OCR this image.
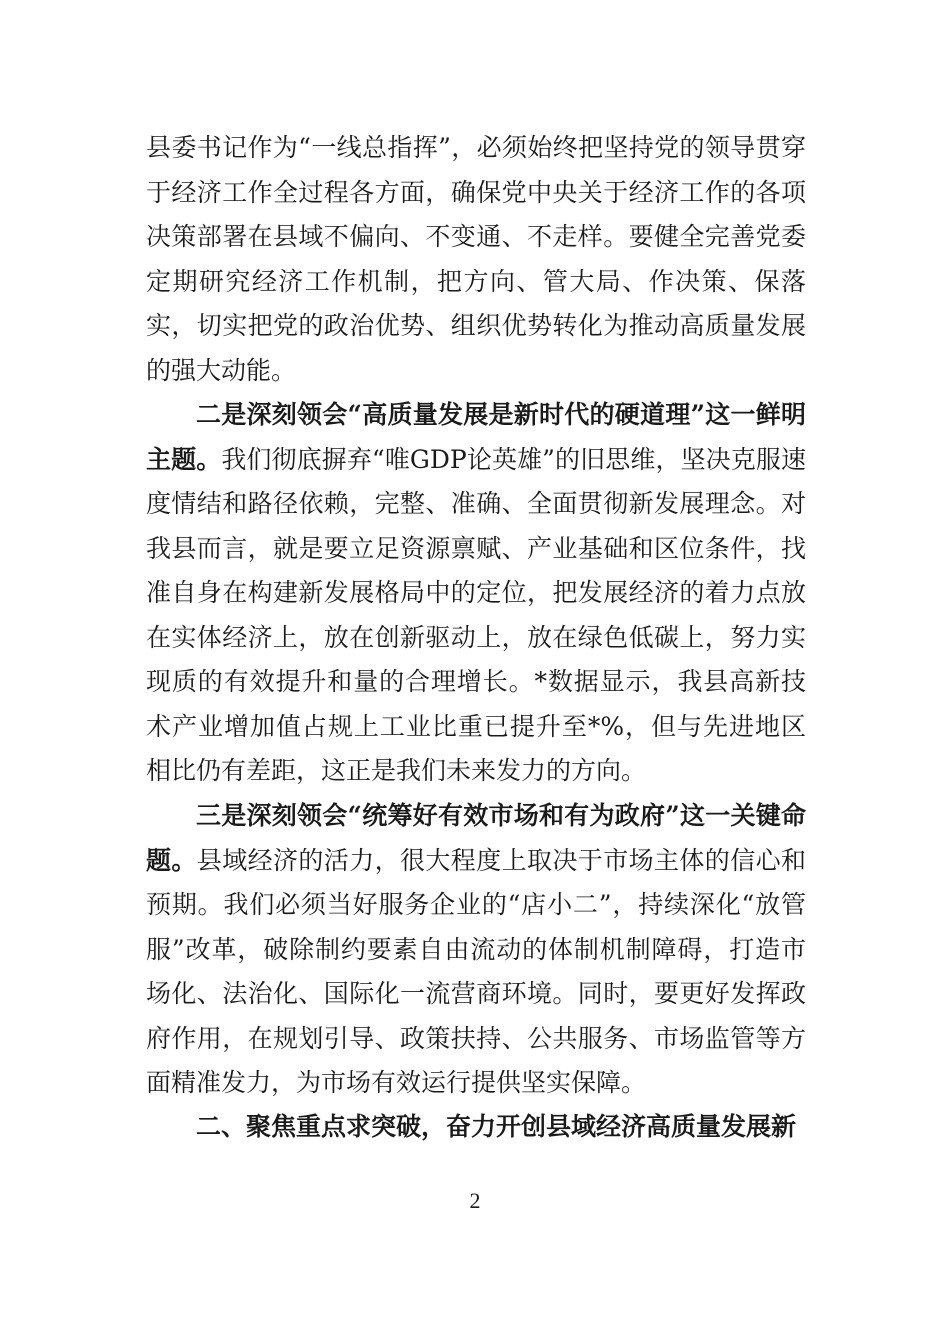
县委书记作为“一线总指挥”，必须始终把坚持党的领导贯穿于经济工作全过程各方面，确保党中央关于经济工作的各项决策部署在县域不偏向、不变通、不走样。要健全完善党委定期研究经济工作机制，把方向、管大局、作决策、保落实，切实把党的政治优势、组织优势转化为推动高质量发展的强大动能。

二是深刻领会“高质量发展是新时代的硬道理”这一鲜明主题。我们彻底摒弃“唯GDP论英雄”的旧思维，坚决克服速度情结和路径依赖，完整、准确、全面贯彻新发展理念。对我县而言，就是要立足资源禀赋、产业基础和区位条件，找准自身在构建新发展格局中的定位，把发展经济的着力点放在实体经济上，放在创新驱动上，放在绿色低碳上，努力实现质的有效提升和量的合理增长。*数据显示，我县高新技术产业增加值占规上工业比重已提升至*%，但与先进地区相比仍有差距，这正是我们未来发力的方向。

三是深刻领会“统筹好有效市场和有为政府”这一关键命题。县域经济的活力，很大程度上取决于市场主体的信心和预期。我们必须当好服务企业的“店小二”，持续深化“放管服”改革，破除制约要素自由流动的体制机制障碍，打造市场化、法治化、国际化一流营商环境。同时，要更好发挥政府作用，在规划引导、政策扶持、公共服务、市场监管等方面精准发力，为市场有效运行提供坚实保障。

二、聚焦重点求突破，奋力开创县域经济高质量发展新

2
